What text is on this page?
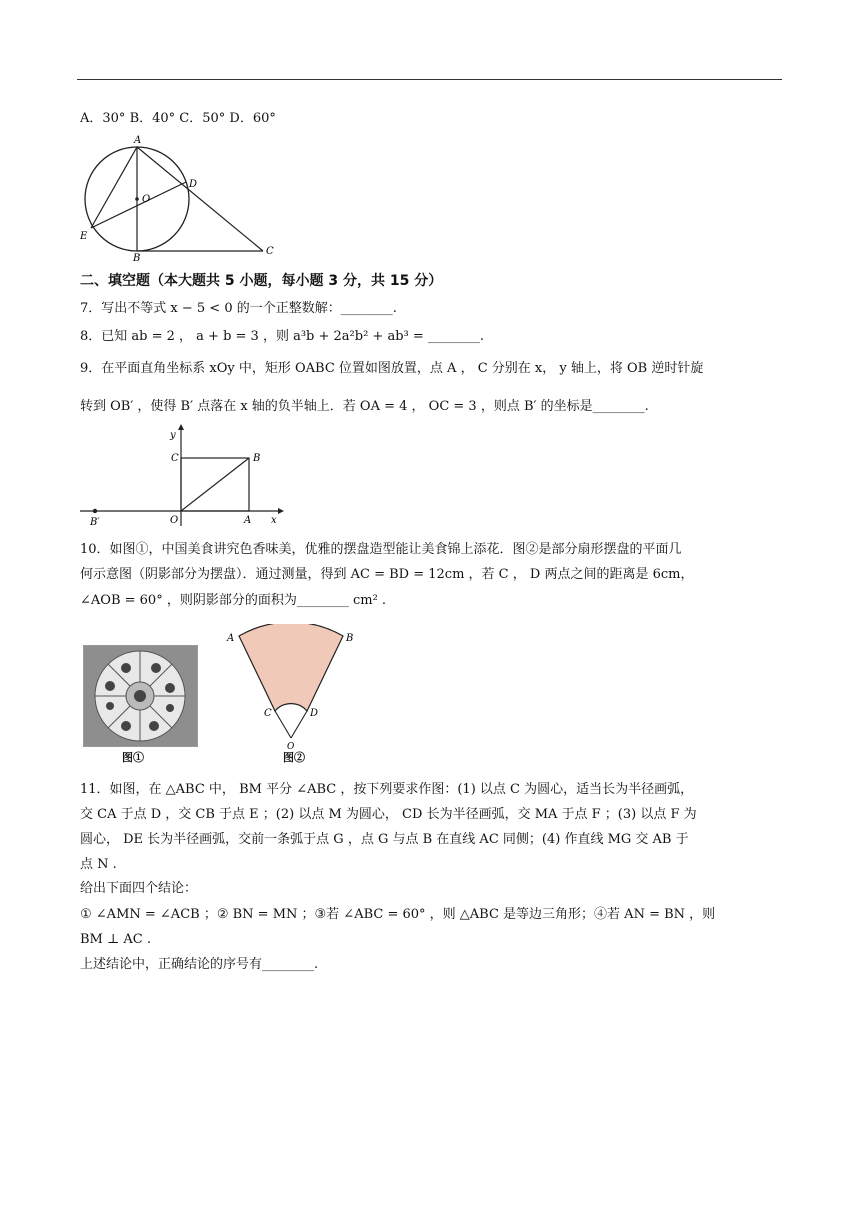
A．30° B．40° C．50° D．60°
A
O
D
E
B
C
二、填空题（本大题共 5 小题，每小题 3 分，共 15 分）
7．写出不等式 x − 5 < 0 的一个正整数解：________.
8．已知 ab = 2 ， a + b = 3 ，则 a³b + 2a²b² + ab³ = ________.
9．在平面直角坐标系 xOy 中，矩形 OABC 位置如图放置，点 A ， C 分别在 x， y 轴上，将 OB 逆时针旋
转到 OB′ ，使得 B′ 点落在 x 轴的负半轴上．若 OA = 4 ， OC = 3 ，则点 B′ 的坐标是________.
y
C	B
B′	O	A x
10．如图①，中国美食讲究色香味美，优雅的摆盘造型能让美食锦上添花．图②是部分扇形摆盘的平面几
何示意图（阴影部分为摆盘）．通过测量，得到 AC = BD = 12cm ，若 C ， D 两点之间的距离是 6cm，
∠AOB = 60° ，则阴影部分的面积为________ cm² .
图①
A	B
C	D
O
图②
11．如图，在 △ABC 中， BM 平分 ∠ABC ，按下列要求作图：(1) 以点 C 为圆心，适当长为半径画弧，
交 CA 于点 D ，交 CB 于点 E ；(2) 以点 M 为圆心， CD 长为半径画弧，交 MA 于点 F ；(3) 以点 F 为
圆心， DE 长为半径画弧，交前一条弧于点 G ，点 G 与点 B 在直线 AC 同侧；(4) 作直线 MG 交 AB 于
点 N .
给出下面四个结论：
① ∠AMN = ∠ACB ；② BN = MN ；③若 ∠ABC = 60° ，则 △ABC 是等边三角形；④若 AN = BN ，则
BM ⊥ AC .
上述结论中，正确结论的序号有________.
